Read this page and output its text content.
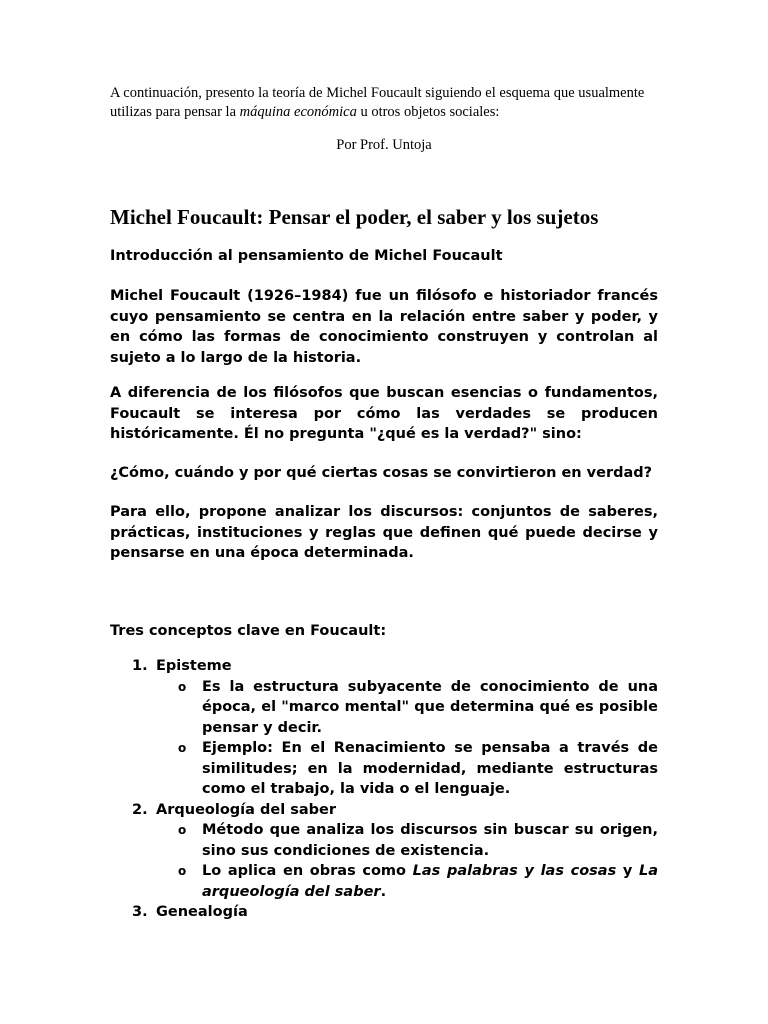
A continuación, presento la teoría de Michel Foucault siguiendo el esquema que usualmente utilizas para pensar la máquina económica u otros objetos sociales:

Por Prof. Untoja

Michel Foucault: Pensar el poder, el saber y los sujetos

Introducción al pensamiento de Michel Foucault

Michel Foucault (1926–1984) fue un filósofo e historiador francés cuyo pensamiento se centra en la relación entre saber y poder, y en cómo las formas de conocimiento construyen y controlan al sujeto a lo largo de la historia.

A diferencia de los filósofos que buscan esencias o fundamentos, Foucault se interesa por cómo las verdades se producen históricamente. Él no pregunta "¿qué es la verdad?" sino:

¿Cómo, cuándo y por qué ciertas cosas se convirtieron en verdad?

Para ello, propone analizar los discursos: conjuntos de saberes, prácticas, instituciones y reglas que definen qué puede decirse y pensarse en una época determinada.

Tres conceptos clave en Foucault:

1. Episteme
o Es la estructura subyacente de conocimiento de una época, el "marco mental" que determina qué es posible pensar y decir.
o Ejemplo: En el Renacimiento se pensaba a través de similitudes; en la modernidad, mediante estructuras como el trabajo, la vida o el lenguaje.
2. Arqueología del saber
o Método que analiza los discursos sin buscar su origen, sino sus condiciones de existencia.
o Lo aplica en obras como Las palabras y las cosas y La arqueología del saber.
3. Genealogía
